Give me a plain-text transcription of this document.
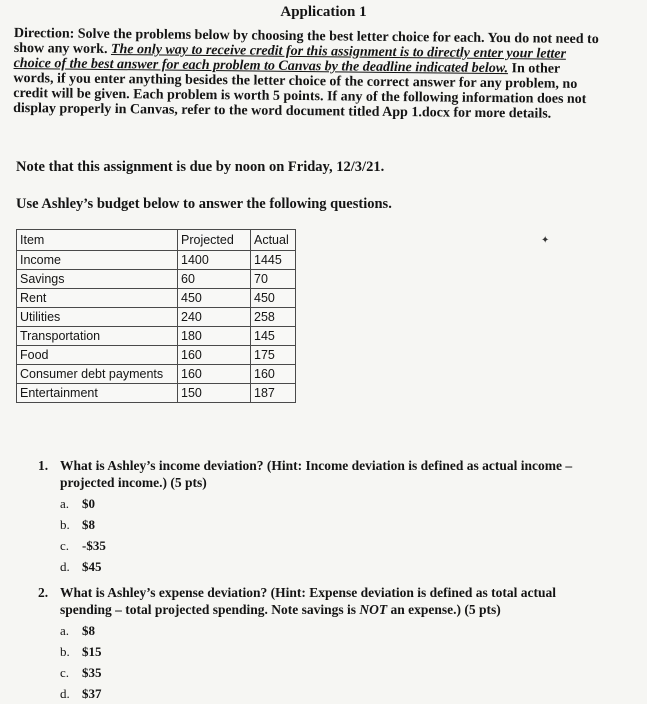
Application 1
Direction: Solve the problems below by choosing the best letter choice for each. You do not need to show any work. The only way to receive credit for this assignment is to directly enter your letter choice of the best answer for each problem to Canvas by the deadline indicated below. In other words, if you enter anything besides the letter choice of the correct answer for any problem, no credit will be given. Each problem is worth 5 points. If any of the following information does not display properly in Canvas, refer to the word document titled App 1.docx for more details.
Note that this assignment is due by noon on Friday, 12/3/21.
Use Ashley’s budget below to answer the following questions.
Item	Projected	Actual
Income	1400	1445
Savings	60	70
Rent	450	450
Utilities	240	258
Transportation	180	145
Food	160	175
Consumer debt payments	160	160
Entertainment	150	187
✦
1. What is Ashley’s income deviation? (Hint: Income deviation is defined as actual income – projected income.) (5 pts)
a. $0
b. $8
c. -$35
d. $45
2. What is Ashley’s expense deviation? (Hint: Expense deviation is defined as total actual spending – total projected spending. Note savings is NOT an expense.) (5 pts)
a. $8
b. $15
c. $35
d. $37
